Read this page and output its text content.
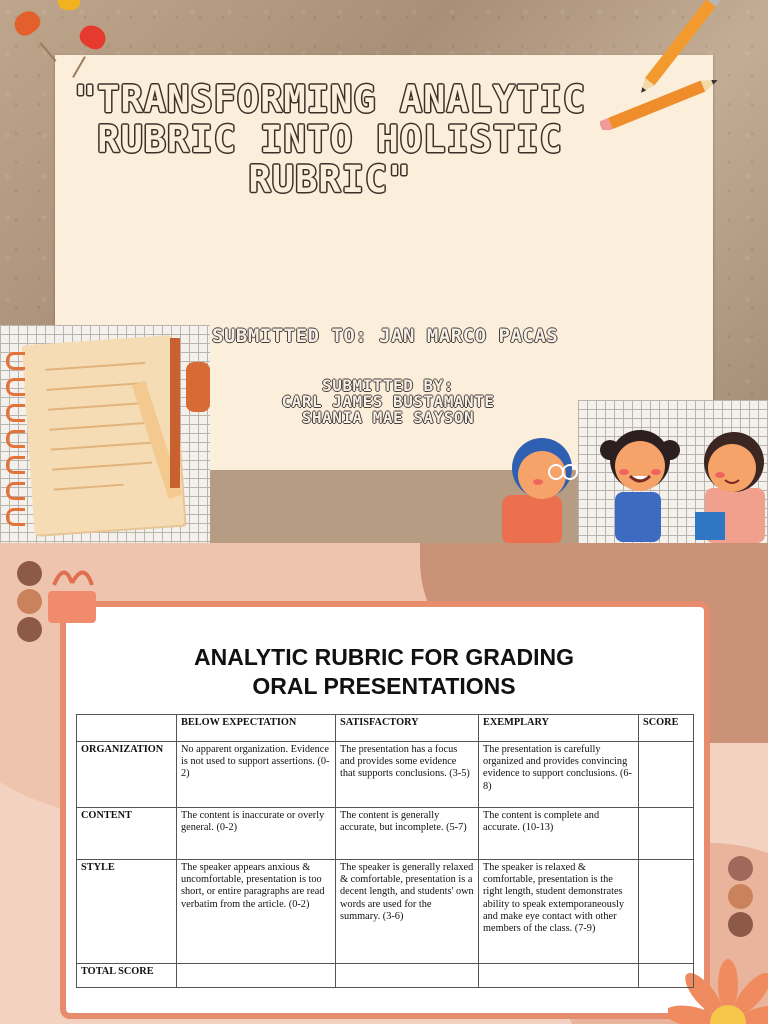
"TRANSFORMING ANALYTIC RUBRIC INTO HOLISTIC RUBRIC"
SUBMITTED TO: JAN MARCO PACAS
SUBMITTED BY:
CARL JAMES BUSTAMANTE
SHANIA MAE SAYSON
ANALYTIC RUBRIC FOR GRADING
ORAL PRESENTATIONS
	BELOW EXPECTATION	SATISFACTORY	EXEMPLARY	SCORE
ORGANIZATION	No apparent organization. Evidence is not used to support assertions. (0-2)	The presentation has a focus and provides some evidence that supports conclusions. (3-5)	The presentation is carefully organized and provides convincing evidence to support conclusions. (6-8)	
CONTENT	The content is inaccurate or overly general. (0-2)	The content is generally accurate, but incomplete. (5-7)	The content is complete and accurate. (10-13)	
STYLE	The speaker appears anxious & uncomfortable, presentation is too short, or entire paragraphs are read verbatim from the article. (0-2)	The speaker is generally relaxed & comfortable, presentation is a decent length, and students' own words are used for the summary. (3-6)	The speaker is relaxed & comfortable, presentation is the right length, student demonstrates ability to speak extemporaneously and make eye contact with other members of the class. (7-9)	
TOTAL SCORE				
